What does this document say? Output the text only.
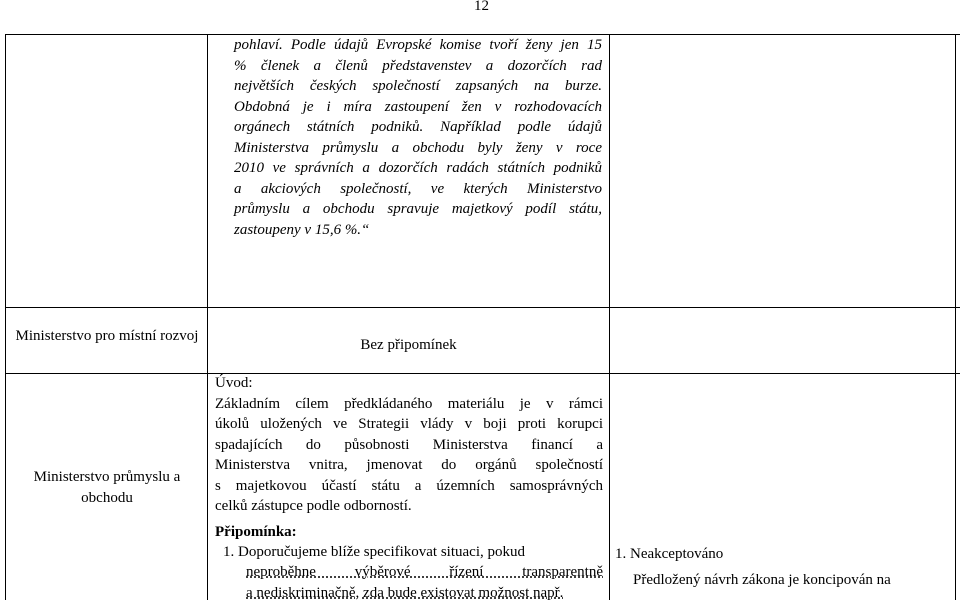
12
pohlaví. Podle údajů Evropské komise tvoří ženy jen 15
% členek a členů představenstev a dozorčích rad
největších českých společností zapsaných na burze.
Obdobná je i míra zastoupení žen v rozhodovacích
orgánech státních podniků. Například podle údajů
Ministerstva průmyslu a obchodu byly ženy v roce
2010 ve správních a dozorčích radách státních podniků
a akciových společností, ve kterých Ministerstvo
průmyslu a obchodu spravuje majetkový podíl státu,
zastoupeny v 15,6 %.“
Ministerstvo pro místní rozvoj
Bez připomínek
Ministerstvo průmyslu a obchodu
Úvod:
Základním cílem předkládaného materiálu je v rámci
úkolů uložených ve Strategii vlády v boji proti korupci
spadajících do působnosti Ministerstva financí a
Ministerstva vnitra, jmenovat do orgánů společností
s majetkovou účastí státu a územních samosprávných
celků zástupce podle odborností.
Připomínka:
1. Doporučujeme blíže specifikovat situaci, pokud
neproběhne výběrové řízení transparentně
a nediskriminačně, zda bude existovat možnost např.
1. Neakceptováno
Předložený návrh zákona je koncipován na
